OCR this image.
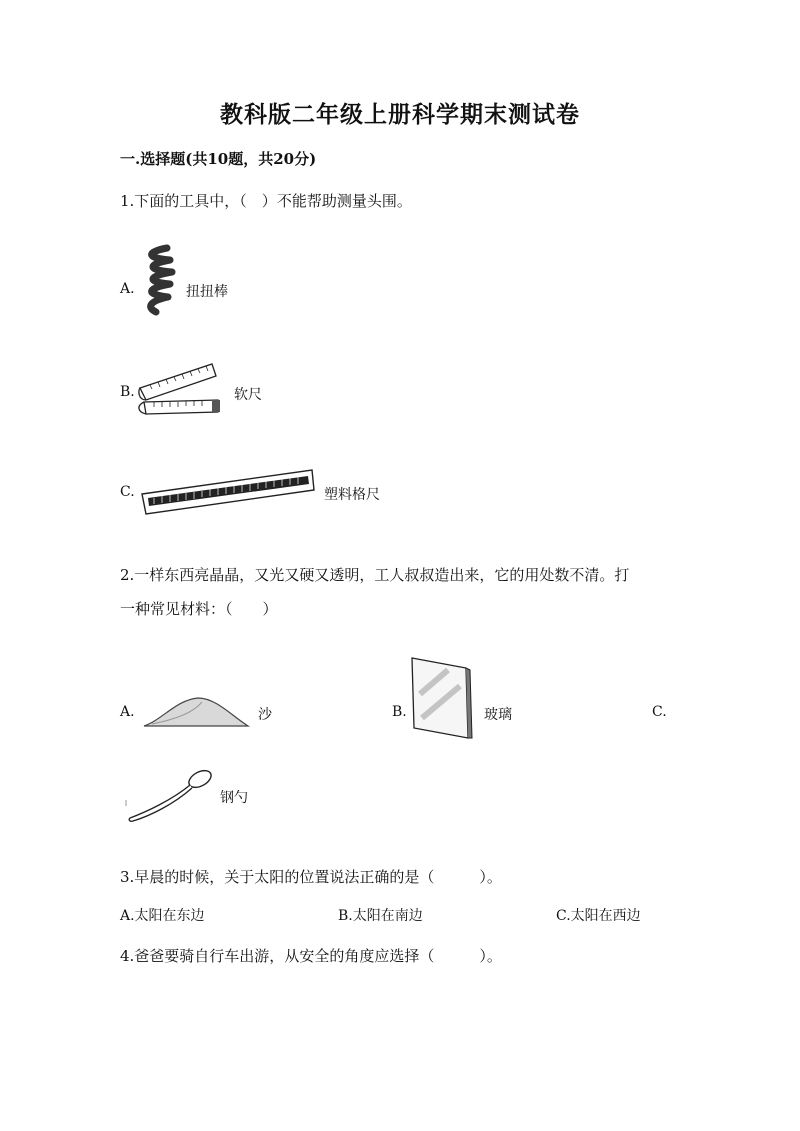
教科版二年级上册科学期末测试卷
一.选择题(共10题，共20分)
1.下面的工具中，（　）不能帮助测量头围。
A.	扭扭棒
B.	软尺
C.	塑料格尺
2.一样东西亮晶晶，又光又硬又透明，工人叔叔造出来，它的用处数不清。打
一种常见材料：（　　）
A.	沙	B.	玻璃	C.
钢勺
3.早晨的时候，关于太阳的位置说法正确的是（　　　）。
A.太阳在东边	B.太阳在南边	C.太阳在西边
4.爸爸要骑自行车出游，从安全的角度应选择（　　　）。
